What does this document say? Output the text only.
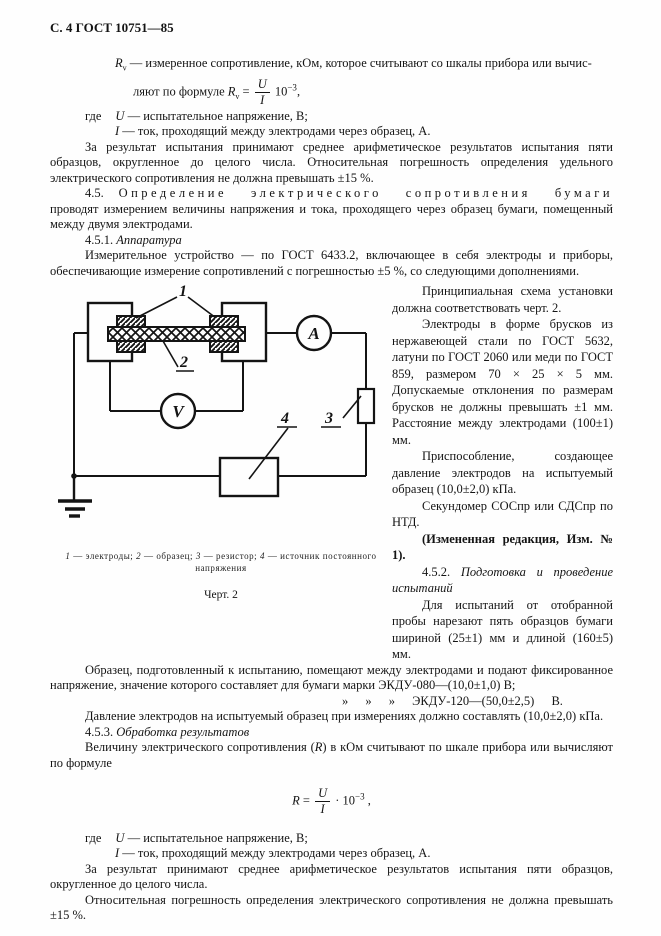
С. 4 ГОСТ 10751—85

$R_v$ — измеренное сопротивление, кОм, которое считывают со шкалы прибора или вычис-

ляют по формуле $R_v = \frac{U}{I} 10^{-3}$,

где U — испытательное напряжение, В;

I — ток, проходящий между электродами через образец, А.

За результат испытания принимают среднее арифметическое результатов испытания пяти образцов, округленное до целого числа. Относительная погрешность определения удельного электрического сопротивления не должна превышать ±15 %.

4.5. Определение электрического сопротивления бумаги проводят измерением величины напряжения и тока, проходящего через образец бумаги, помещенный между двумя электродами.

4.5.1. Аппаратура

Измерительное устройство — по ГОСТ 6433.2, включающее в себя электроды и приборы, обеспечивающие измерение сопротивлений с погрешностью ±5 %, со следующими дополнениями.

A
V
1
2
3
4
1 — электроды; 2 — образец; 3 — резистор; 4 — источник постоянного
напряжения
Черт. 2

Принципиальная схема установки должна соответствовать черт. 2.

Электроды в форме брусков из нержавеющей стали по ГОСТ 5632, латуни по ГОСТ 2060 или меди по ГОСТ 859, размером 70 × 25 × 5 мм. Допускаемые отклонения по размерам брусков не должны превышать ±1 мм. Расстояние между электродами (100±1) мм.

Приспособление, создающее давление электродов на испытуемый образец (10,0±2,0) кПа.

Секундомер СОСпр или СДСпр по НТД.

(Измененная редакция, Изм. № 1).

4.5.2. Подготовка и проведение испытаний

Для испытаний от отобранной пробы нарезают пять образцов бумаги шириной (25±1) мм и длиной (160±5) мм.

Образец, подготовленный к испытанию, помещают между электродами и подают фиксированное напряжение, значение которого составляет для бумаги марки ЭКДУ-080—(10,0±1,0) В;

» » » ЭКДУ-120—(50,0±2,5) В.

Давление электродов на испытуемый образец при измерениях должно составлять (10,0±2,0) кПа.

4.5.3. Обработка результатов

Величину электрического сопротивления (R) в кОм считывают по шкале прибора или вычисляют по формуле

$R = \frac{U}{I} \cdot 10^{-3}$ ,

где U — испытательное напряжение, В;

I — ток, проходящий между электродами через образец, А.

За результат принимают среднее арифметическое результатов испытания пяти образцов, округленное до целого числа.

Относительная погрешность определения электрического сопротивления не должна превышать ±15 %.
